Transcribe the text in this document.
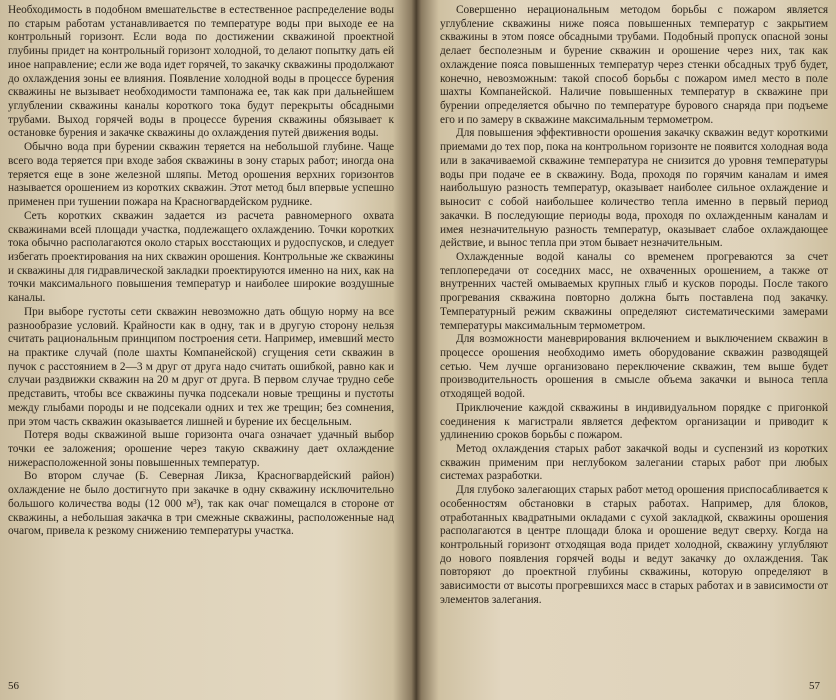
Необходимость в подобном вмешательстве в естественное распределение воды по старым работам устанавливается по температуре воды при выходе ее на контрольный горизонт. Если вода по достижении скважиной проектной глубины придет на контрольный горизонт холодной, то делают попытку дать ей иное направление; если же вода идет горячей, то закачку скважины продолжают до охлаждения зоны ее влияния. Появление холодной воды в процессе бурения скважины не вызывает необходимости тампонажа ее, так как при дальнейшем углублении скважины каналы короткого тока будут перекрыты обсадными трубами. Выход горячей воды в процессе бурения скважины обязывает к остановке бурения и закачке скважины до охлаждения путей движения воды.

Обычно вода при бурении скважин теряется на небольшой глубине. Чаще всего вода теряется при входе забоя скважины в зону старых работ; иногда она теряется еще в зоне железной шляпы. Метод орошения верхних горизонтов называется орошением из коротких скважин. Этот метод был впервые успешно применен при тушении пожара на Красногвардейском руднике.

Сеть коротких скважин задается из расчета равномерного охвата скважинами всей площади участка, подлежащего охлаждению. Точки коротких тока обычно располагаются около старых восстающих и рудоспусков, и следует избегать проектирования на них скважин орошения. Контрольные же скважины и скважины для гидравлической закладки проектируются именно на них, как на точки максимального повышения температур и наиболее широкие воздушные каналы.

При выборе густоты сети скважин невозможно дать общую норму на все разнообразие условий. Крайности как в одну, так и в другую сторону нельзя считать рациональным принципом построения сети. Например, имевший место на практике случай (поле шахты Компанейской) сгущения сети скважин в пучок с расстоянием в 2—3 м друг от друга надо считать ошибкой, равно как и случаи раздвижки скважин на 20 м друг от друга. В первом случае трудно себе представить, чтобы все скважины пучка подсекали новые трещины и пустоты между глыбами породы и не подсекали одних и тех же трещин; без сомнения, при этом часть скважин оказывается лишней и бурение их бесцельным.

Потеря воды скважиной выше горизонта очага означает удачный выбор точки ее заложения; орошение через такую скважину дает охлаждение нижерасположенной зоны повышенных температур.

Во втором случае (Б. Северная Ликза, Красногвардейский район) охлаждение не было достигнуто при закачке в одну скважину исключительно большого количества воды (12 000 м³), так как очаг помещался в стороне от скважины, а небольшая закачка в три смежные скважины, расположенные над очагом, привела к резкому снижению температуры участка.

56

Совершенно нерациональным методом борьбы с пожаром является углубление скважины ниже пояса повышенных температур с закрытием скважины в этом поясе обсадными трубами. Подобный пропуск опасной зоны делает бесполезным и бурение скважин и орошение через них, так как охлаждение пояса повышенных температур через стенки обсадных труб будет, конечно, невозможным: такой способ борьбы с пожаром имел место в поле шахты Компанейской. Наличие повышенных температур в скважине при бурении определяется обычно по температуре бурового снаряда при подъеме его и по замеру в скважине максимальным термометром.

Для повышения эффективности орошения закачку скважин ведут короткими приемами до тех пор, пока на контрольном горизонте не появится холодная вода или в закачиваемой скважине температура не снизится до уровня температуры воды при подаче ее в скважину. Вода, проходя по горячим каналам и имея наибольшую разность температур, оказывает наиболее сильное охлаждение и выносит с собой наибольшее количество тепла именно в первый период закачки. В последующие периоды вода, проходя по охлажденным каналам и имея незначительную разность температур, оказывает слабое охлаждающее действие, и вынос тепла при этом бывает незначительным.

Охлажденные водой каналы со временем прогреваются за счет теплопередачи от соседних масс, не охваченных орошением, а также от внутренних частей омываемых крупных глыб и кусков породы. После такого прогревания скважина повторно должна быть поставлена под закачку. Температурный режим скважины определяют систематическими замерами температуры максимальным термометром.

Для возможности маневрирования включением и выключением скважин в процессе орошения необходимо иметь оборудование скважин разводящей сетью. Чем лучше организовано переключение скважин, тем выше будет производительность орошения в смысле объема закачки и выноса тепла отходящей водой.

Приключение каждой скважины в индивидуальном порядке с пригонкой соединения к магистрали является дефектом организации и приводит к удлинению сроков борьбы с пожаром.

Метод охлаждения старых работ закачкой воды и суспензий из коротких скважин применим при неглубоком залегании старых работ при любых системах разработки.

Для глубоко залегающих старых работ метод орошения приспосабливается к особенностям обстановки в старых работах. Например, для блоков, отработанных квадратными окладами с сухой закладкой, скважины орошения располагаются в центре площади блока и орошение ведут сверху. Когда на контрольный горизонт отходящая вода придет холодной, скважину углубляют до нового появления горячей воды и ведут закачку до охлаждения. Так повторяют до проектной глубины скважины, которую определяют в зависимости от высоты прогревшихся масс в старых работах и в зависимости от элементов залегания.

57
